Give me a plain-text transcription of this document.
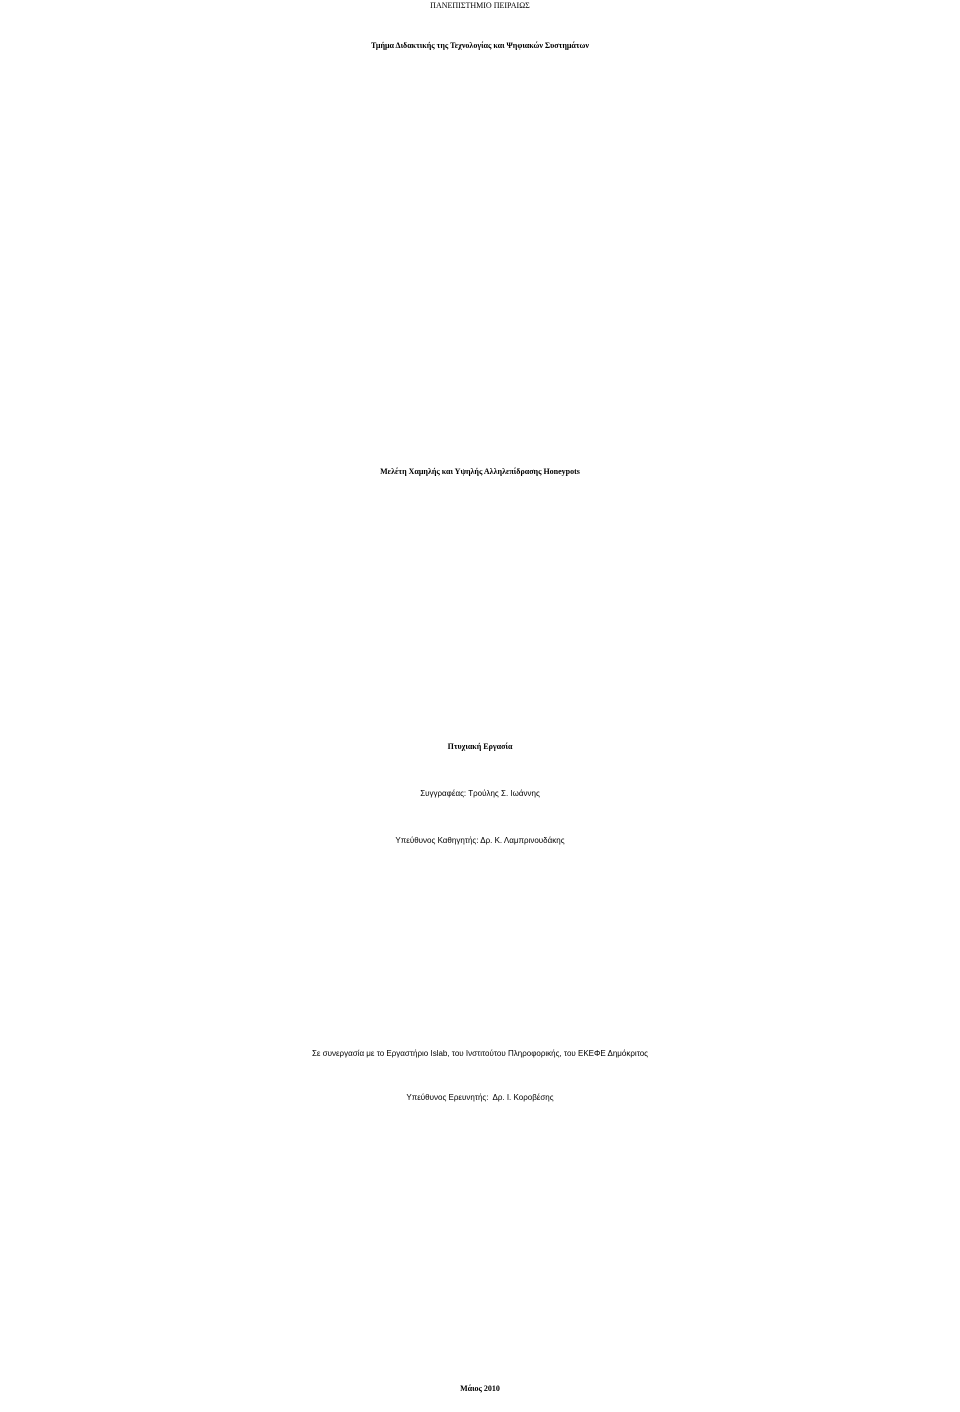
ΠΑΝΕΠΙΣΤΗΜΙΟ ΠΕΙΡΑΙΩΣ
Τμήμα Διδακτικής της Τεχνολογίας και Ψηφιακών Συστημάτων
Μελέτη Χαμηλής και Υψηλής Αλληλεπίδρασης Honeypots
Πτυχιακή Εργασία
Συγγραφέας: Τρούλης Σ. Ιωάννης
Υπεύθυνος Καθηγητής: Δρ. Κ. Λαμπρινουδάκης
Σε συνεργασία με το Εργαστήριο Islab, του Ινστιτούτου Πληροφορικής, του ΕΚΕΦΕ Δημόκριτος
Υπεύθυνος Ερευνητής:  Δρ. Ι. Κοροβέσης
Μάιος 2010
